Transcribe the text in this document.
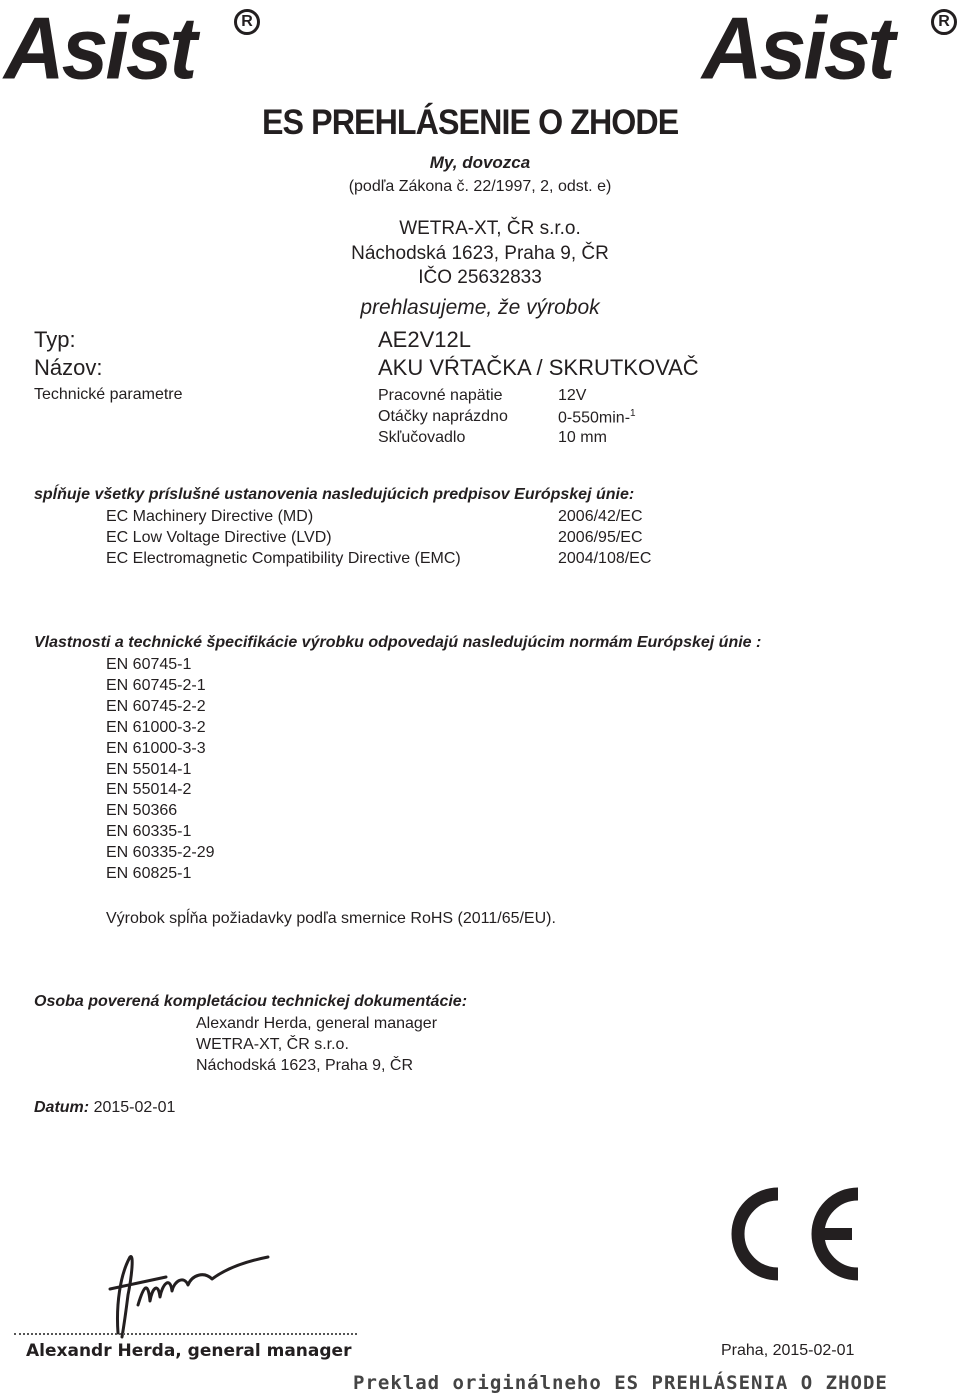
Asist	R	Asist	R
ES PREHLÁSENIE O ZHODE
My, dovozca
(podľa Zákona č. 22/1997, 2, odst. e)
WETRA-XT, ČR s.r.o.
Náchodská 1623, Praha 9, ČR
IČO 25632833
prehlasujeme, že výrobok
Typ:	AE2V12L
Názov:	AKU VŔTAČKA / SKRUTKOVAČ
Technické parametre	Pracovné napätie	12V
Otáčky naprázdno	0-550min-$^1$
Skľučovadlo	10 mm
spĺňuje všetky príslušné ustanovenia nasledujúcich predpisov Európskej únie:
EC Machinery Directive (MD)	2006/42/EC
EC Low Voltage Directive (LVD)	2006/95/EC
EC Electromagnetic Compatibility Directive (EMC)	2004/108/EC
Vlastnosti a technické špecifikácie výrobku odpovedajú nasledujúcim normám Európskej únie :
EN 60745-1
EN 60745-2-1
EN 60745-2-2
EN 61000-3-2
EN 61000-3-3
EN 55014-1
EN 55014-2
EN 50366
EN 60335-1
EN 60335-2-29
EN 60825-1
Výrobok spĺňa požiadavky podľa smernice RoHS (2011/65/EU).
Osoba poverená kompletáciou technickej dokumentácie:
Alexandr Herda, general manager
WETRA-XT, ČR s.r.o.
Náchodská 1623, Praha 9, ČR
Datum: 2015-02-01
Alexandr Herda, general manager	Praha, 2015-02-01
Preklad originálneho ES PREHLÁSENIA O ZHODE
